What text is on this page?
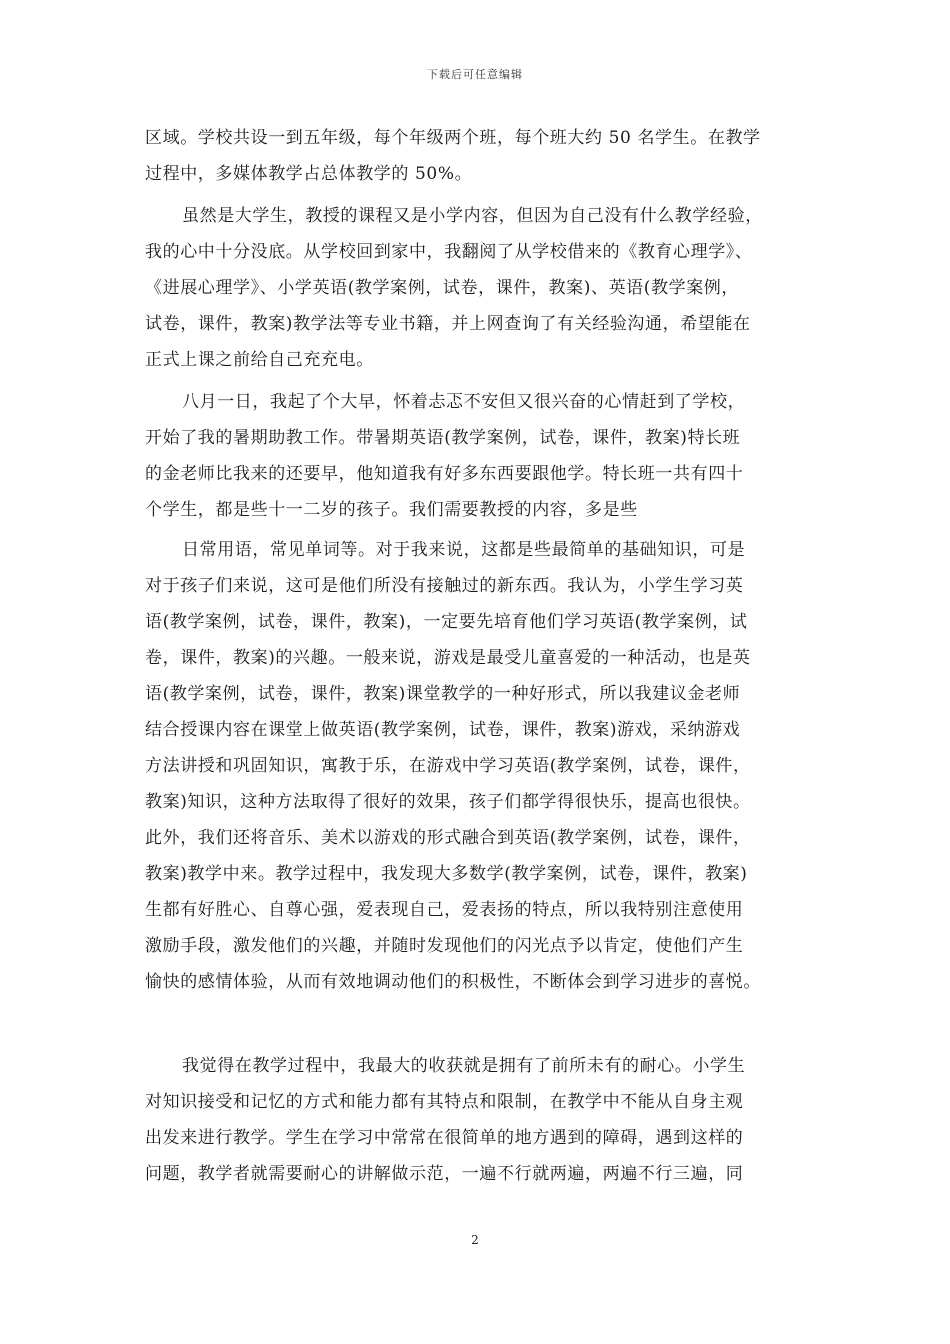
下载后可任意编辑
区域。学校共设一到五年级，每个年级两个班，每个班大约 50 名学生。在教学
过程中，多媒体教学占总体教学的 50%。
虽然是大学生，教授的课程又是小学内容，但因为自己没有什么教学经验，
我的心中十分没底。从学校回到家中，我翻阅了从学校借来的《教育心理学》、
《进展心理学》、小学英语(教学案例，试卷，课件，教案)、英语(教学案例，
试卷，课件，教案)教学法等专业书籍，并上网查询了有关经验沟通，希望能在
正式上课之前给自己充充电。
八月一日，我起了个大早，怀着忐忑不安但又很兴奋的心情赶到了学校，
开始了我的暑期助教工作。带暑期英语(教学案例，试卷，课件，教案)特长班
的金老师比我来的还要早，他知道我有好多东西要跟他学。特长班一共有四十
个学生，都是些十一二岁的孩子。我们需要教授的内容，多是些
日常用语，常见单词等。对于我来说，这都是些最简单的基础知识，可是
对于孩子们来说，这可是他们所没有接触过的新东西。我认为，小学生学习英
语(教学案例，试卷，课件，教案)，一定要先培育他们学习英语(教学案例，试
卷，课件，教案)的兴趣。一般来说，游戏是最受儿童喜爱的一种活动，也是英
语(教学案例，试卷，课件，教案)课堂教学的一种好形式，所以我建议金老师
结合授课内容在课堂上做英语(教学案例，试卷，课件，教案)游戏，采纳游戏
方法讲授和巩固知识，寓教于乐，在游戏中学习英语(教学案例，试卷，课件，
教案)知识，这种方法取得了很好的效果，孩子们都学得很快乐，提高也很快。
此外，我们还将音乐、美术以游戏的形式融合到英语(教学案例，试卷，课件，
教案)教学中来。教学过程中，我发现大多数学(教学案例，试卷，课件，教案)
生都有好胜心、自尊心强，爱表现自己，爱表扬的特点，所以我特别注意使用
激励手段，激发他们的兴趣，并随时发现他们的闪光点予以肯定，使他们产生
愉快的感情体验，从而有效地调动他们的积极性，不断体会到学习进步的喜悦。
我觉得在教学过程中，我最大的收获就是拥有了前所未有的耐心。小学生
对知识接受和记忆的方式和能力都有其特点和限制，在教学中不能从自身主观
出发来进行教学。学生在学习中常常在很简单的地方遇到的障碍，遇到这样的
问题，教学者就需要耐心的讲解做示范，一遍不行就两遍，两遍不行三遍，同
2
